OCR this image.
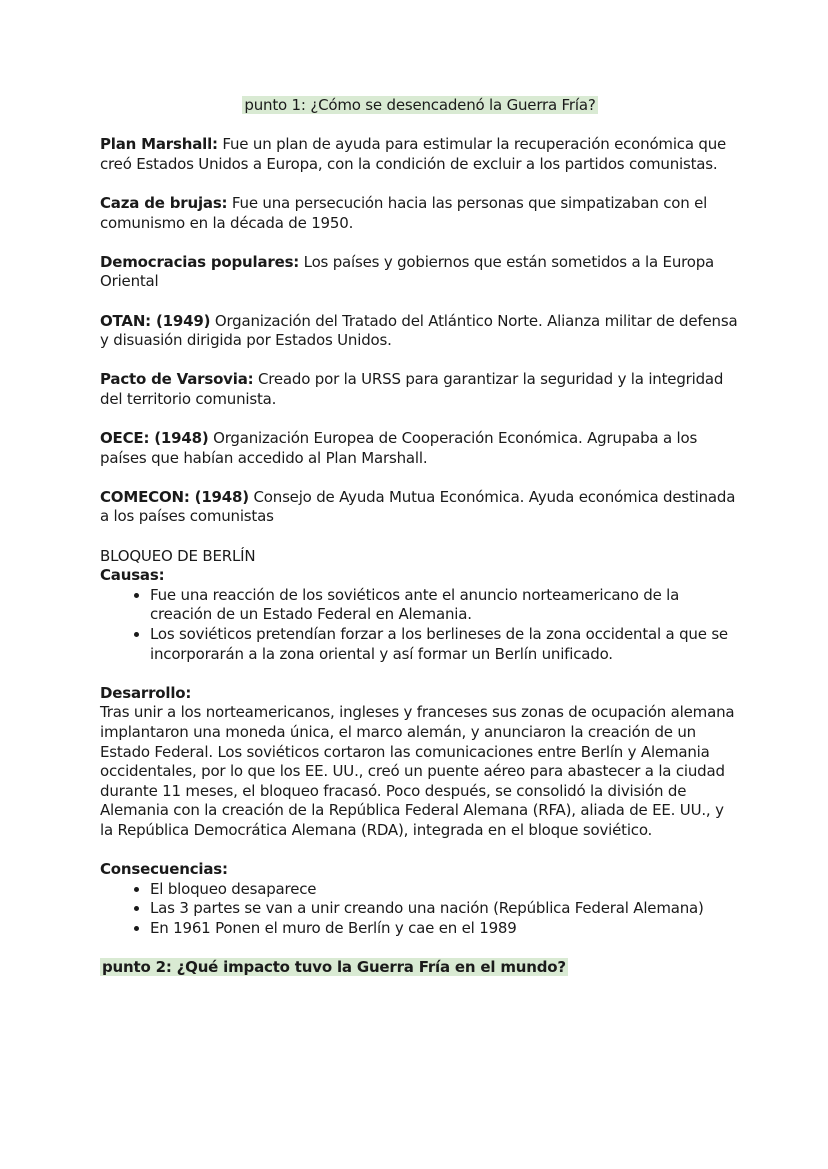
punto 1: ¿Cómo se desencadenó la Guerra Fría?

Plan Marshall: Fue un plan de ayuda para estimular la recuperación económica que creó Estados Unidos a Europa, con la condición de excluir a los partidos comunistas.

Caza de brujas: Fue una persecución hacia las personas que simpatizaban con el comunismo en la década de 1950.

Democracias populares: Los países y gobiernos que están sometidos a la Europa Oriental

OTAN: (1949) Organización del Tratado del Atlántico Norte. Alianza militar de defensa y disuasión dirigida por Estados Unidos.

Pacto de Varsovia: Creado por la URSS para garantizar la seguridad y la integridad del territorio comunista.

OECE: (1948) Organización Europea de Cooperación Económica. Agrupaba a los países que habían accedido al Plan Marshall.

COMECON: (1948) Consejo de Ayuda Mutua Económica. Ayuda económica destinada a los países comunistas

BLOQUEO DE BERLÍN

Causas:

• Fue una reacción de los soviéticos ante el anuncio norteamericano de la creación de un Estado Federal en Alemania.
• Los soviéticos pretendían forzar a los berlineses de la zona occidental a que se incorporarán a la zona oriental y así formar un Berlín unificado.

Desarrollo:

Tras unir a los norteamericanos, ingleses y franceses sus zonas de ocupación alemana implantaron una moneda única, el marco alemán, y anunciaron la creación de un Estado Federal. Los soviéticos cortaron las comunicaciones entre Berlín y Alemania occidentales, por lo que los EE. UU., creó un puente aéreo para abastecer a la ciudad durante 11 meses, el bloqueo fracasó. Poco después, se consolidó la división de Alemania con la creación de la República Federal Alemana (RFA), aliada de EE. UU., y la República Democrática Alemana (RDA), integrada en el bloque soviético.

Consecuencias:

• El bloqueo desaparece
• Las 3 partes se van a unir creando una nación (República Federal Alemana)
• En 1961 Ponen el muro de Berlín y cae en el 1989

punto 2: ¿Qué impacto tuvo la Guerra Fría en el mundo?
